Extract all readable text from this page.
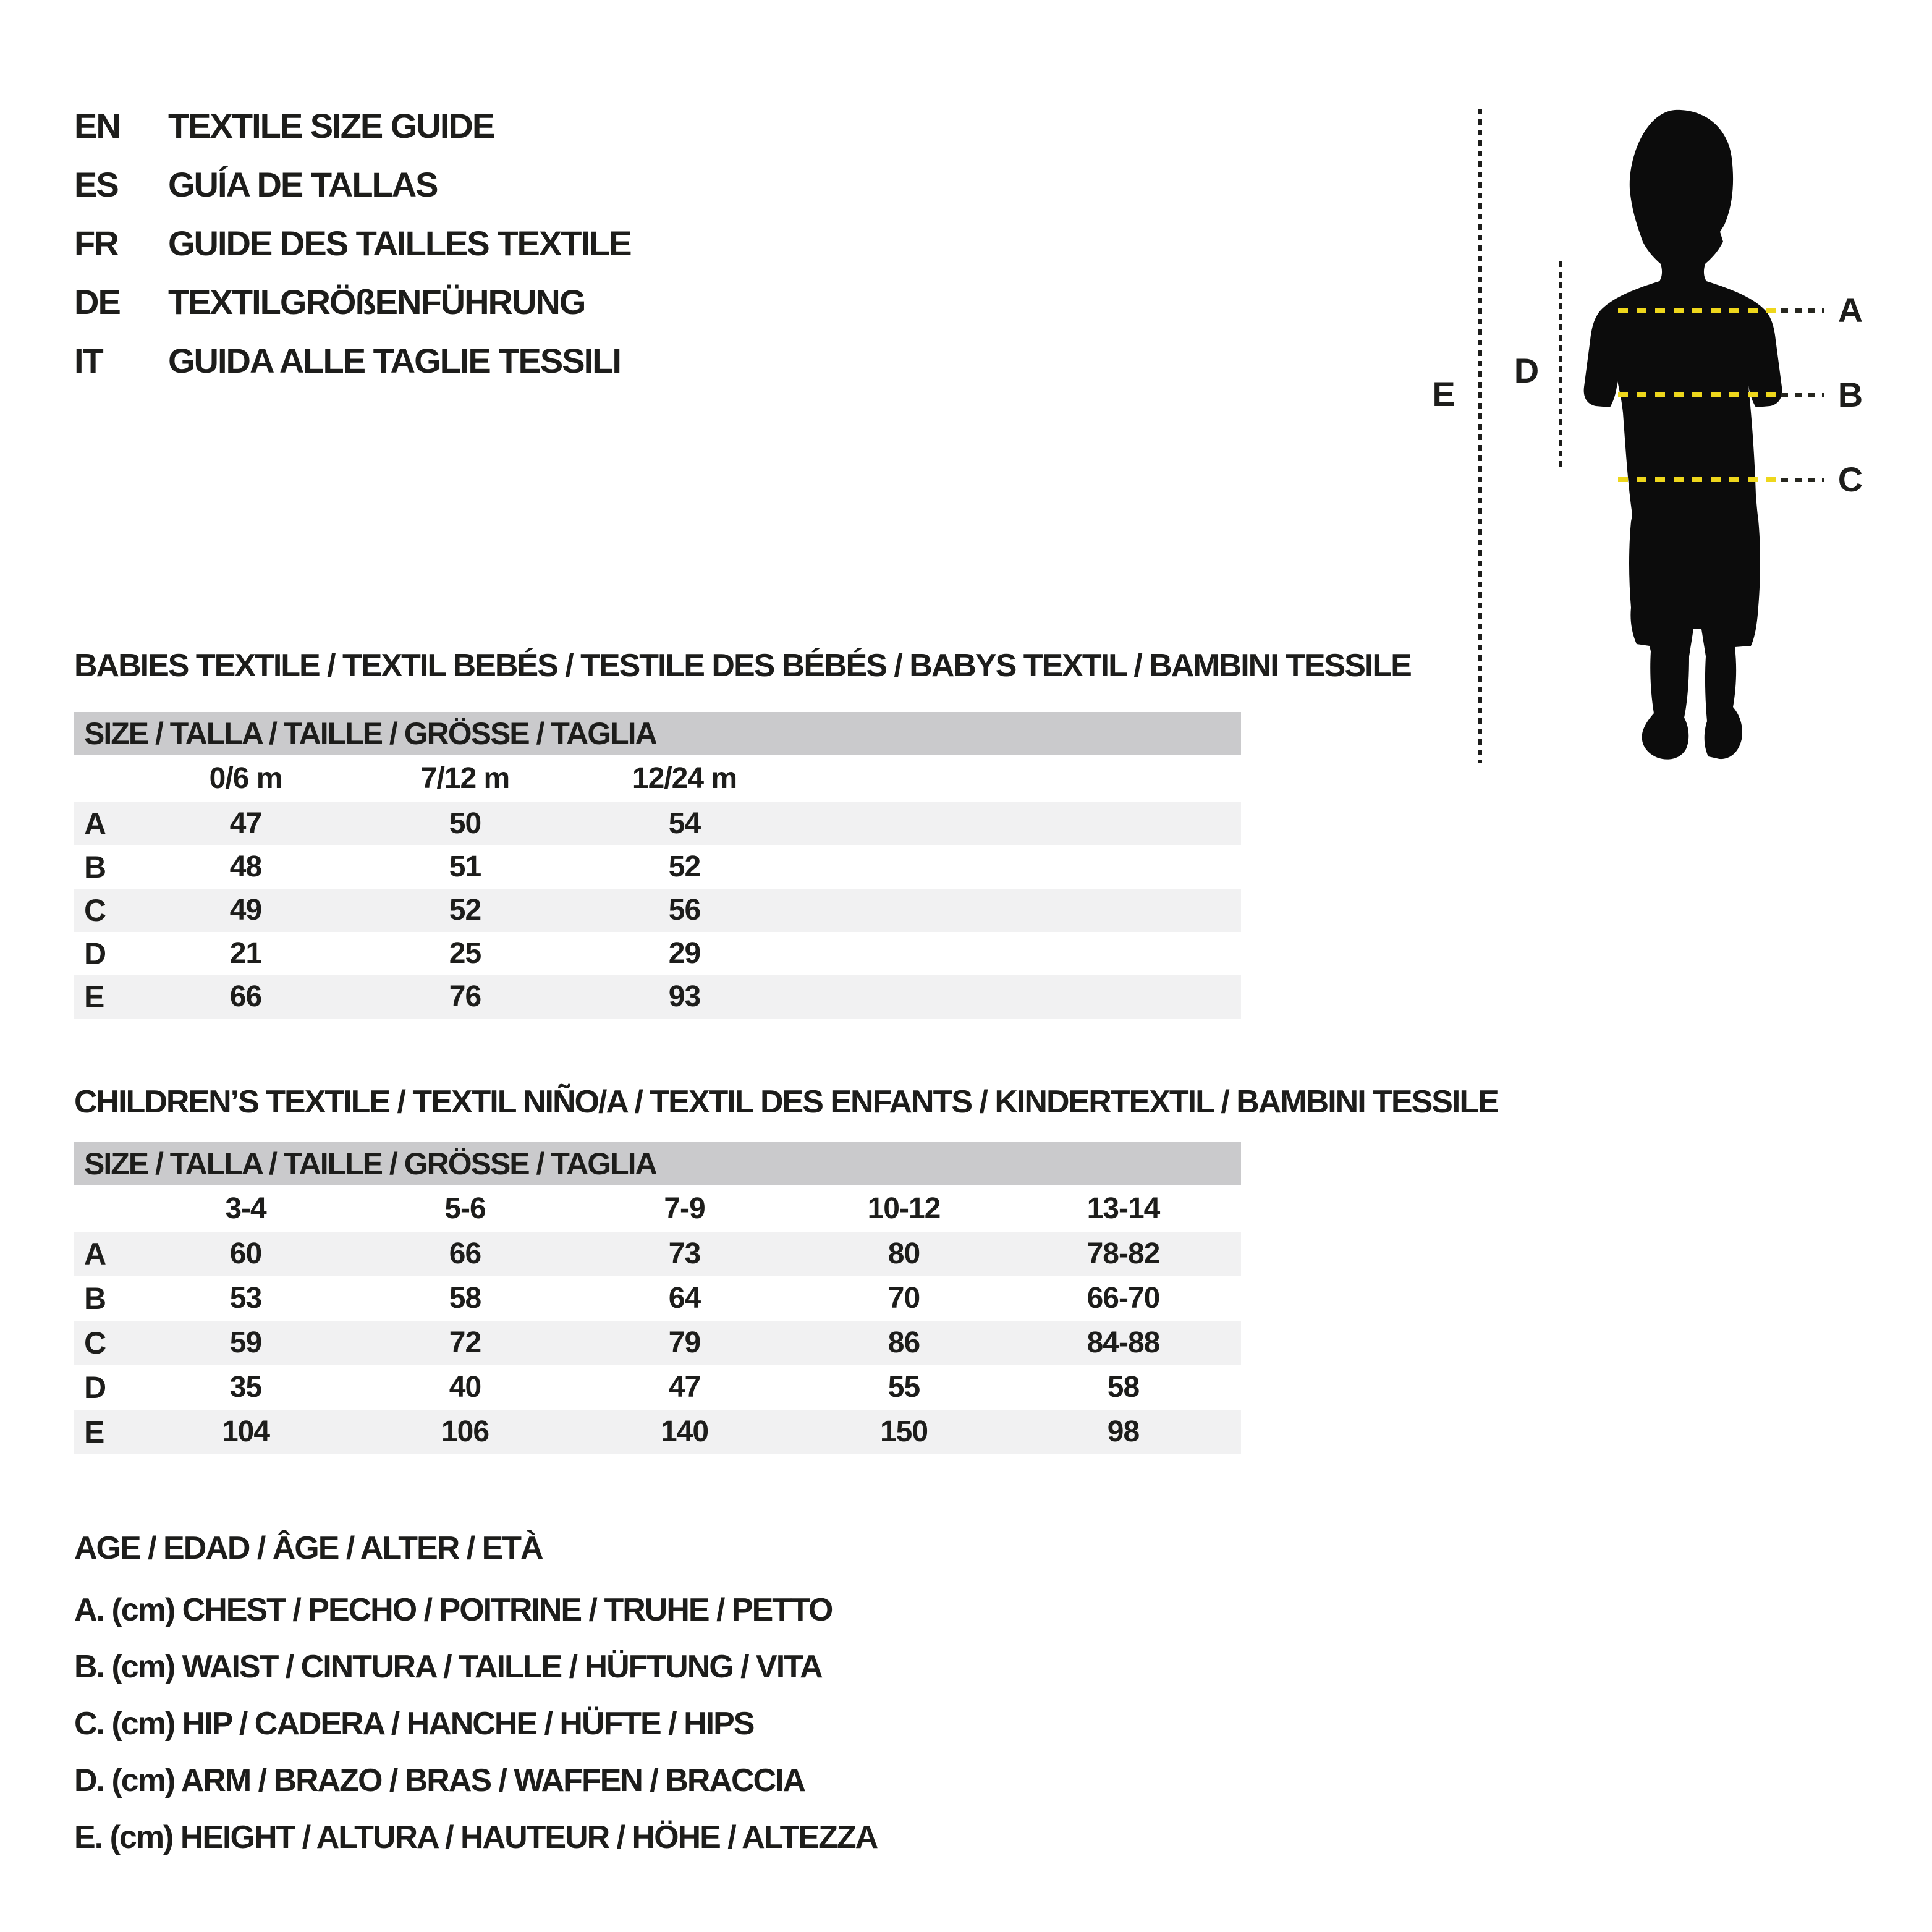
EN TEXTILE SIZE GUIDE
ES GUÍA DE TALLAS
FR GUIDE DES TAILLES TEXTILE
DE TEXTILGRÖßENFÜHRUNG
IT GUIDA ALLE TAGLIE TESSILI
A
B
C
D
E
BABIES TEXTILE / TEXTIL BEBÉS / TESTILE DES BÉBÉS / BABYS TEXTIL / BAMBINI TESSILE
SIZE / TALLA / TAILLE / GRÖSSE / TAGLIA
0/6 m	7/12 m	12/24 m
A	47	50	54
B	48	51	52
C	49	52	56
D	21	25	29
E	66	76	93
CHILDREN’S TEXTILE / TEXTIL NIÑO/A / TEXTIL DES ENFANTS / KINDERTEXTIL / BAMBINI TESSILE
SIZE / TALLA / TAILLE / GRÖSSE / TAGLIA
3-4	5-6	7-9	10-12	13-14
A	60	66	73	80	78-82
B	53	58	64	70	66-70
C	59	72	79	86	84-88
D	35	40	47	55	58
E	104	106	140	150	98
AGE / EDAD / ÂGE / ALTER / ETÀ
A. (cm) CHEST / PECHO / POITRINE / TRUHE / PETTO
B. (cm) WAIST / CINTURA / TAILLE / HÜFTUNG / VITA
C. (cm) HIP / CADERA / HANCHE / HÜFTE / HIPS
D. (cm) ARM / BRAZO / BRAS / WAFFEN / BRACCIA
E. (cm) HEIGHT / ALTURA / HAUTEUR / HÖHE / ALTEZZA
